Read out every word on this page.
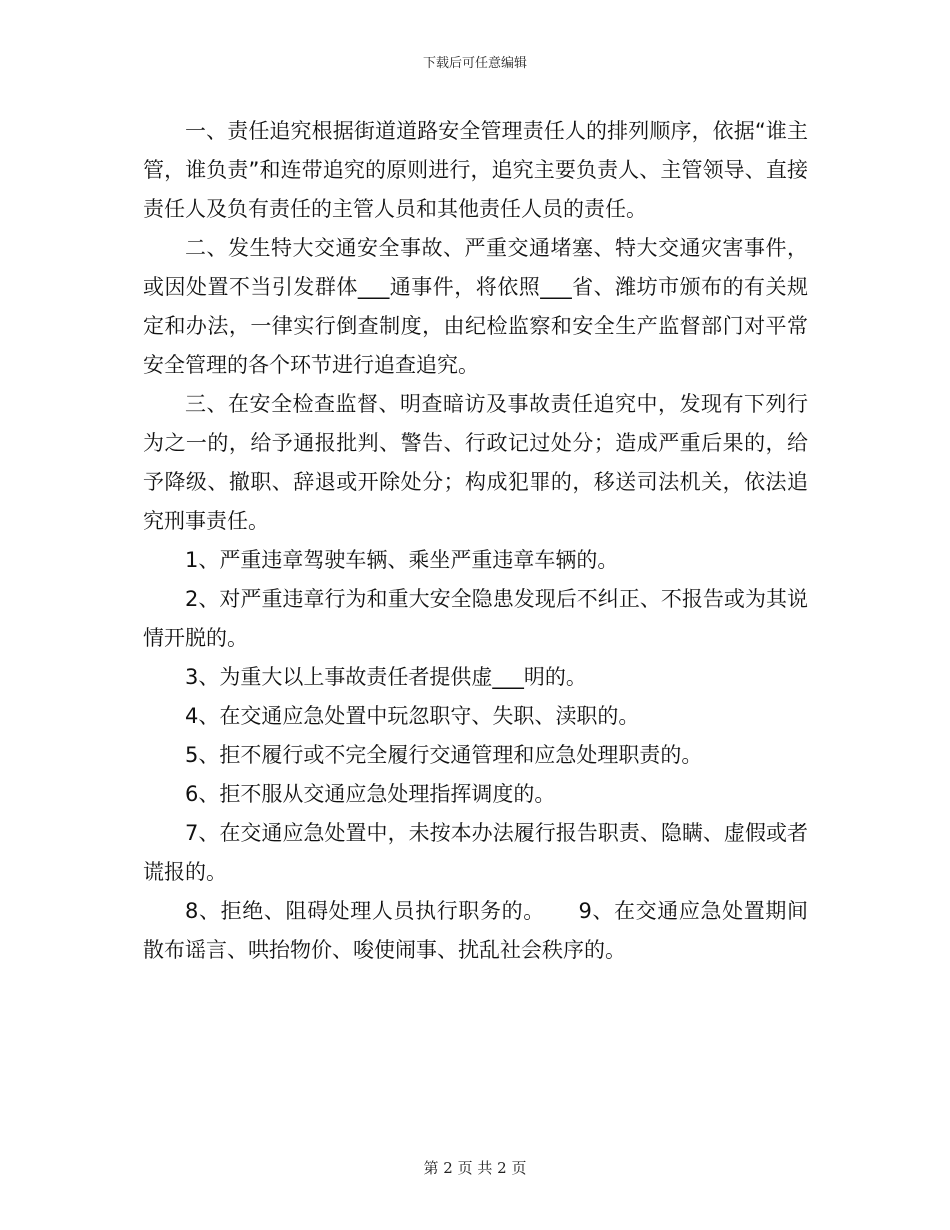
下载后可任意编辑

一、责任追究根据街道道路安全管理责任人的排列顺序，依据“谁主管，谁负责”和连带追究的原则进行，追究主要负责人、主管领导、直接责任人及负有责任的主管人员和其他责任人员的责任。

二、发生特大交通安全事故、严重交通堵塞、特大交通灾害事件，或因处置不当引发群体___通事件，将依照___省、潍坊市颁布的有关规定和办法，一律实行倒查制度，由纪检监察和安全生产监督部门对平常安全管理的各个环节进行追查追究。

三、在安全检查监督、明查暗访及事故责任追究中，发现有下列行为之一的，给予通报批判、警告、行政记过处分；造成严重后果的，给予降级、撤职、辞退或开除处分；构成犯罪的，移送司法机关，依法追究刑事责任。

1、严重违章驾驶车辆、乘坐严重违章车辆的。

2、对严重违章行为和重大安全隐患发现后不纠正、不报告或为其说情开脱的。

3、为重大以上事故责任者提供虚___明的。

4、在交通应急处置中玩忽职守、失职、渎职的。

5、拒不履行或不完全履行交通管理和应急处理职责的。

6、拒不服从交通应急处理指挥调度的。

7、在交通应急处置中，未按本办法履行报告职责、隐瞒、虚假或者谎报的。

8、拒绝、阻碍处理人员执行职务的。 9、在交通应急处置期间散布谣言、哄抬物价、唆使闹事、扰乱社会秩序的。

第 2 页 共 2 页
